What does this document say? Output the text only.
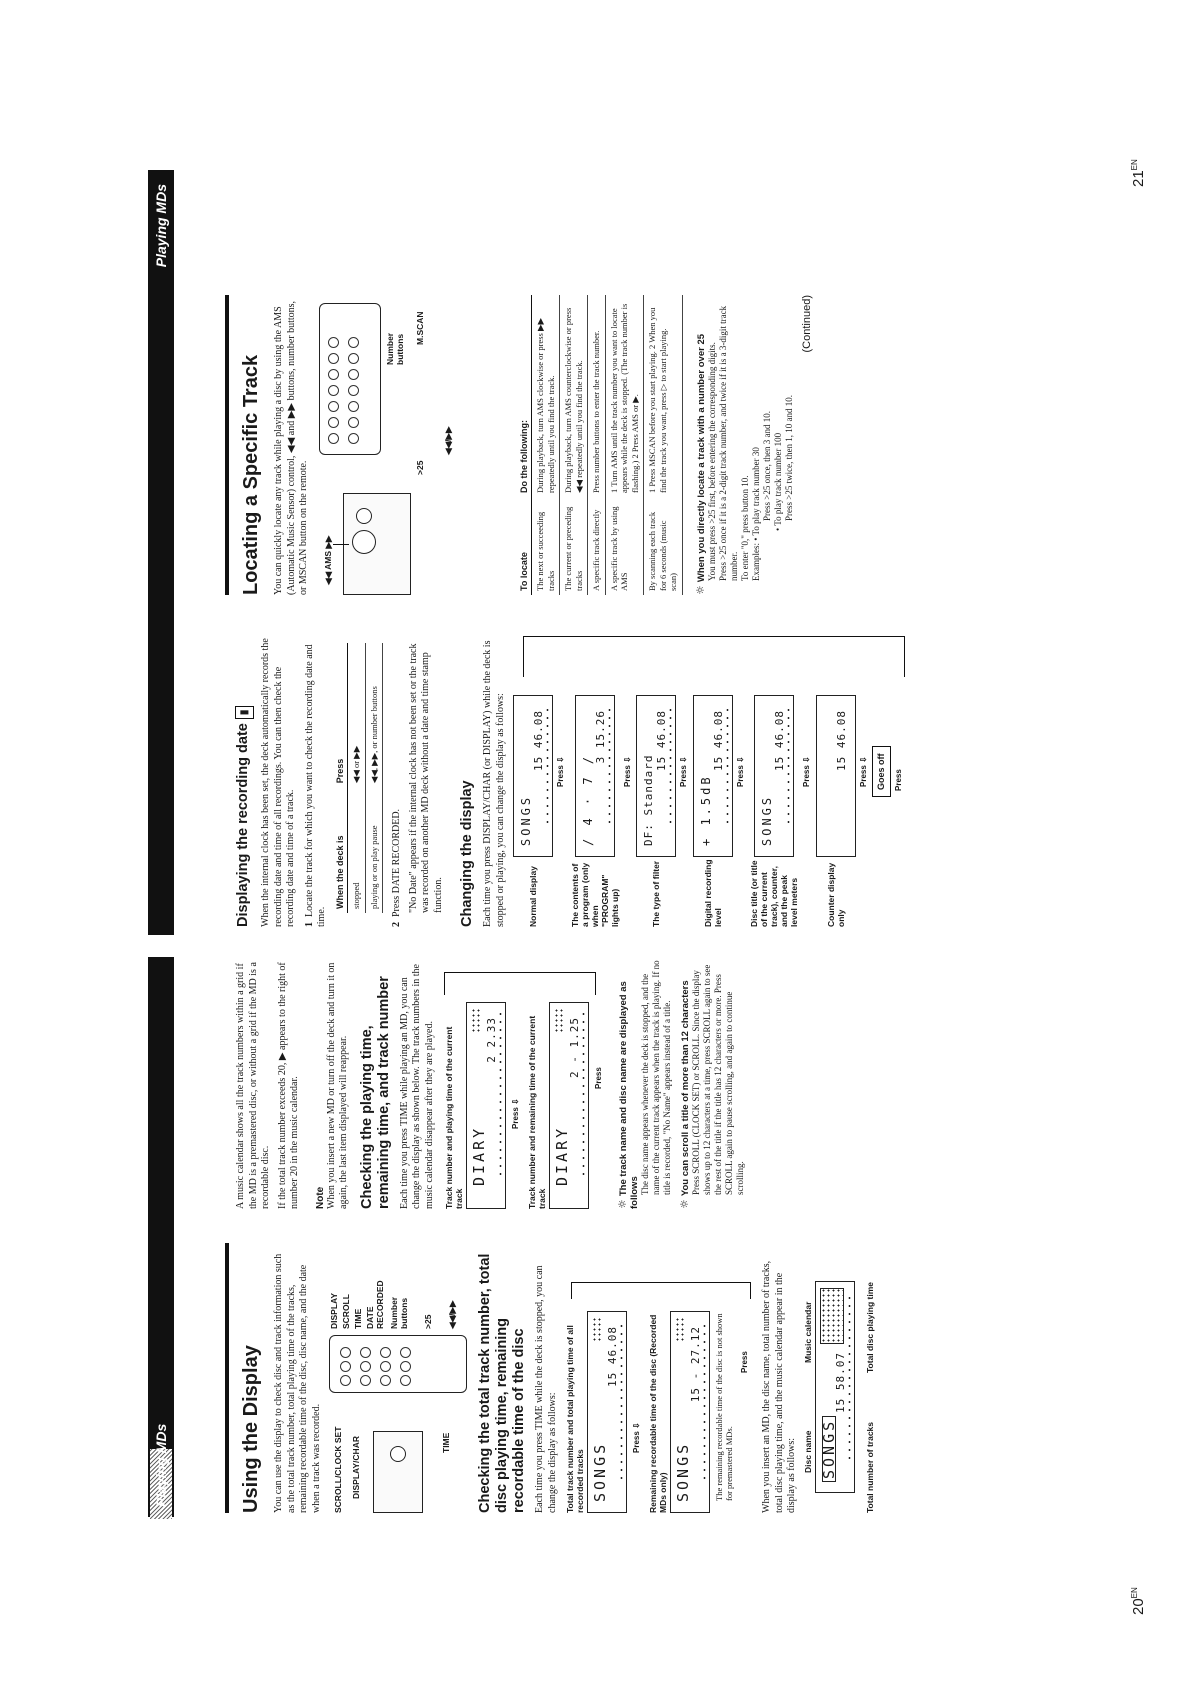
Playing MDs
$20^{EN}$
Using the Display You can use the display to check disc and track information such as the total track number, total playing time of the tracks, remaining recordable time of the disc, disc name, and the date when a track was recorded. SCROLL/CLOCK SET DISPLAY/CHAR	TIME
DISPLAY SCROLL TIME DATE RECORDED Number buttons >25 ◀◀/▶▶ Checking the total track number, total disc playing time, remaining recordable time of the disc Each time you press TIME while the deck is stopped, you can change the display as follows: Total track number and total playing time of all recorded tracks SONGS
15 46.08
Press ⇩ Remaining recordable time of the disc (Recorded MDs only) SONGS
15 - 27.12 The remaining recordable time of the disc is not shown for premastered MDs.

Press When you insert an MD, the disc name, total number of tracks, total disc playing time, and the music calendar appear in the display as follows: Disc name
Music calendar
SONGS
15 58.07
Total number of tracks
Total disc playing time

A music calendar shows all the track numbers within a grid if the MD is a premastered disc, or without a grid if the MD is a recordable disc. If the total track number exceeds 20, ▶ appears to the right of number 20 in the music calendar. Note When you insert a new MD or turn off the deck and turn it on again, the last item displayed will reappear. Checking the playing time, remaining time, and track number Each time you press TIME while playing an MD, you can change the display as shown below. The track numbers in the music calendar disappear after they are played. Track number and playing time of the current track
DIARY
2 2.33
Press ⇩ Track number and remaining time of the current track
DIARY
2 - 1.25
Press
☼The track name and disc name are displayed as follows The disc name appears whenever the deck is stopped, and the name of the current track appears when the track is playing. If no title is recorded, "No Name" appears instead of a title.
☼You can scroll a title of more than 12 characters Press SCROLL (CLOCK SET) or SCROLL. Since the display shows up to 12 characters at a time, press SCROLL again to see the rest of the title if the title has 12 characters or more. Press SCROLL again to pause scrolling, and again to continue scrolling.
Playing MDs
$21^{EN}$
Displaying the recording date ▮	When the internal clock has been set, the deck automatically records the recording date and time of all recordings. You can then check the recording date and time of a track. 1  Locate the track for which you want to check the recording date and time.

When the deck is	Press
stopped	◀◀ or ▶▶
playing or on play pause	◀◀, ▶▶, or number buttons

2  Press DATE RECORDED. "No Date" appears if the internal clock has not been set or the track was recorded on another MD deck without a date and time stamp function. Changing the display Each time you press DISPLAY/CHAR (or DISPLAY) while the deck is stopped or playing, you can change the display as follows:	Normal display
SONGS
15 46.08
Press ⇩
The contents of a program (only when "PROGRAM" lights up)
/ 4 · 7 /
3 15.26
Press ⇩
The type of filter
DF: Standard
15 46.08
Press ⇩
Digital recording level
+ 1.5dB
15 46.08
Press ⇩
Disc title (or title of the current track), counter, and the peak level meters
SONGS
15 46.08
Press ⇩
Counter display only
15 46.08
Press ⇩ Goes off Press
Locating a Specific Track You can quickly locate any track while playing a disc by using the AMS (Automatic Music Sensor) control, ◀◀ and ▶▶ buttons, number buttons, or MSCAN button on the remote. ◀◀ AMS ▶▶
Number buttons
>25
M.SCAN
◀◀/▶▶
To locate	Do the following:
The next or succeeding tracks	During playback, turn AMS clockwise or press ▶▶ repeatedly until you find the track.
The current or preceding tracks	During playback, turn AMS counterclockwise or press ◀◀ repeatedly until you find the track.
A specific track directly	Press number buttons to enter the track number.
A specific track by using AMS	1 Turn AMS until the track number you want to locate appears while the deck is stopped. (The track number is flashing.) 2 Press AMS or ▶.
By scanning each track for 6 seconds (music scan)	1 Press MSCAN before you start playing. 2 When you find the track you want, press ▷ to start playing.
☼When you directly locate a track with a number over 25 You must press >25 first, before entering the corresponding digits. Press >25 once if it is a 2-digit track number, and twice if it is a 3-digit track number. To enter "0," press button 10. Examples: • To play track number 30 Press >25 once, then 3 and 10. • To play track number 100 Press >25 twice, then 1, 10 and 10.
(Continued)
